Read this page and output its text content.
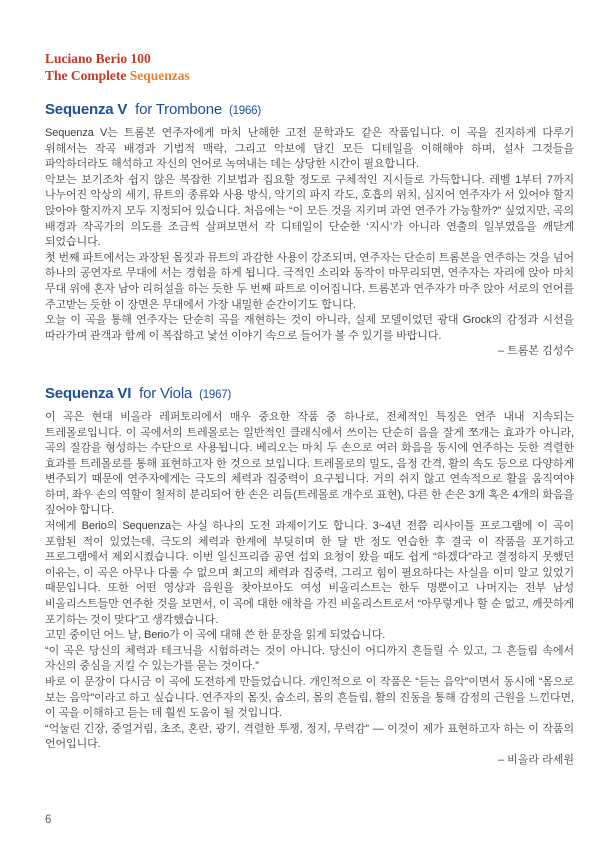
Luciano Berio 100
The Complete Sequenzas
Sequenza V for Trombone (1966)

Sequenza V는 트롬본 연주자에게 마치 난해한 고전 문학과도 같은 작품입니다. 이 곡을 진지하게 다루기 위해서는 작곡 배경과 기법적 맥락, 그리고 악보에 담긴 모든 디테일을 이해해야 하며, 설사 그것들을 파악하더라도 해석하고 자신의 언어로 녹여내는 데는 상당한 시간이 필요합니다.

악보는 보기조차 쉽지 않은 복잡한 기보법과 집요할 정도로 구체적인 지시들로 가득합니다. 레벨 1부터 7까지 나누어진 악상의 세기, 뮤트의 종류와 사용 방식, 악기의 파지 각도, 호흡의 위치, 심지어 연주자가 서 있어야 할지 앉아야 할지까지 모두 지정되어 있습니다. 처음에는 “이 모든 것을 지키며 과연 연주가 가능할까?” 싶었지만, 곡의 배경과 작곡가의 의도를 조금씩 살펴보면서 각 디테일이 단순한 ‘지시’가 아니라 연출의 일부였음을 깨닫게 되었습니다.

첫 번째 파트에서는 과장된 몸짓과 뮤트의 과감한 사용이 강조되며, 연주자는 단순히 트롬본을 연주하는 것을 넘어 하나의 공연자로 무대에 서는 경험을 하게 됩니다. 극적인 소리와 동작이 마무리되면, 연주자는 자리에 앉아 마치 무대 위에 혼자 남아 리허설을 하는 듯한 두 번째 파트로 이어집니다. 트롬본과 연주자가 마주 앉아 서로의 언어를 주고받는 듯한 이 장면은 무대에서 가장 내밀한 순간이기도 합니다.

오늘 이 곡을 통해 연주자는 단순히 곡을 재현하는 것이 아니라, 실제 모델이었던 광대 Grock의 감정과 시선을 따라가며 관객과 함께 이 복잡하고 낯선 이야기 속으로 들어가 볼 수 있기를 바랍니다.

– 트롬본 김성수

Sequenza VI for Viola (1967)

이 곡은 현대 비올라 레퍼토리에서 매우 중요한 작품 중 하나로, 전체적인 특징은 연주 내내 지속되는 트레몰로입니다. 이 곡에서의 트레몰로는 일반적인 클래식에서 쓰이는 단순히 음을 잘게 쪼개는 효과가 아니라, 곡의 질감을 형성하는 수단으로 사용됩니다. 베리오는 마치 두 손으로 여러 화음을 동시에 연주하는 듯한 격렬한 효과를 트레몰로를 통해 표현하고자 한 것으로 보입니다. 트레몰로의 밀도, 음정 간격, 활의 속도 등으로 다양하게 변주되기 때문에 연주자에게는 극도의 체력과 집중력이 요구됩니다. 거의 쉬지 않고 연속적으로 활을 움직여야 하며, 좌우 손의 역할이 철저히 분리되어 한 손은 리듬(트레몰로 개수로 표현), 다른 한 손은 3개 혹은 4개의 화음을 짚어야 합니다.

저에게 Berio의 Sequenza는 사실 하나의 도전 과제이기도 합니다. 3~4년 전쯤 리사이틀 프로그램에 이 곡이 포함된 적이 있었는데, 극도의 체력과 한계에 부딪히며 한 달 반 정도 연습한 후 결국 이 작품을 포기하고 프로그램에서 제외시켰습니다. 이번 일신프리즘 공연 섭외 요청이 왔을 때도 쉽게 “하겠다”라고 결정하지 못했던 이유는, 이 곡은 아무나 다룰 수 없으며 최고의 체력과 집중력, 그리고 힘이 필요하다는 사실을 이미 알고 있었기 때문입니다. 또한 어떤 영상과 음원을 찾아보아도 여성 비올리스트는 한두 명뿐이고 나머지는 전부 남성 비올리스트들만 연주한 것을 보면서, 이 곡에 대한 애착을 가진 비올리스트로서 “아무렇게나 할 순 없고, 깨끗하게 포기하는 것이 맞다”고 생각했습니다.

고민 중이던 어느 날, Berio가 이 곡에 대해 쓴 한 문장을 읽게 되었습니다.

“이 곡은 당신의 체력과 테크닉을 시험하려는 것이 아니다. 당신이 어디까지 흔들릴 수 있고, 그 흔들림 속에서 자신의 중심을 지킬 수 있는가를 묻는 것이다.”

바로 이 문장이 다시금 이 곡에 도전하게 만들었습니다. 개인적으로 이 작품은 “듣는 음악”이면서 동시에 “몸으로 보는 음악”이라고 하고 싶습니다. 연주자의 몸짓, 숨소리, 몸의 흔들림, 활의 진동을 통해 감정의 근원을 느낀다면, 이 곡을 이해하고 듣는 데 훨씬 도움이 될 것입니다.

“억눌린 긴장, 중얼거림, 초조, 혼란, 광기, 격렬한 투쟁, 정지, 무력감” — 이것이 제가 표현하고자 하는 이 작품의 언어입니다.

– 비올라 라세원

6
